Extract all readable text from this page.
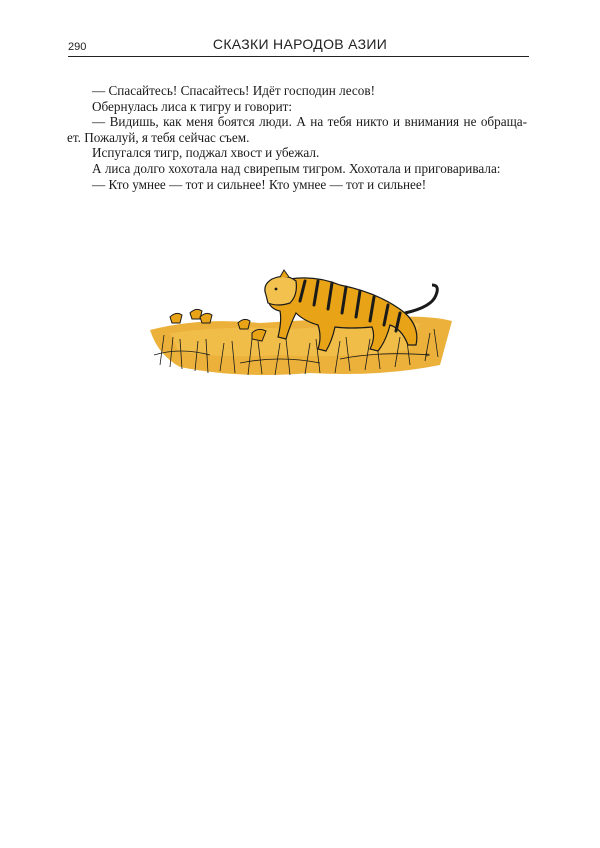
290	СКАЗКИ НАРОДОВ АЗИИ

— Спасайтесь! Спасайтесь! Идёт господин лесов!

Обернулась лиса к тигру и говорит:

— Видишь, как меня боятся люди. А на тебя никто и внимания не обраща-

ет. Пожалуй, я тебя сейчас съем.

Испугался тигр, поджал хвост и убежал.

А лиса долго хохотала над свирепым тигром. Хохотала и приговаривала:

— Кто умнее — тот и сильнее! Кто умнее — тот и сильнее!

*
